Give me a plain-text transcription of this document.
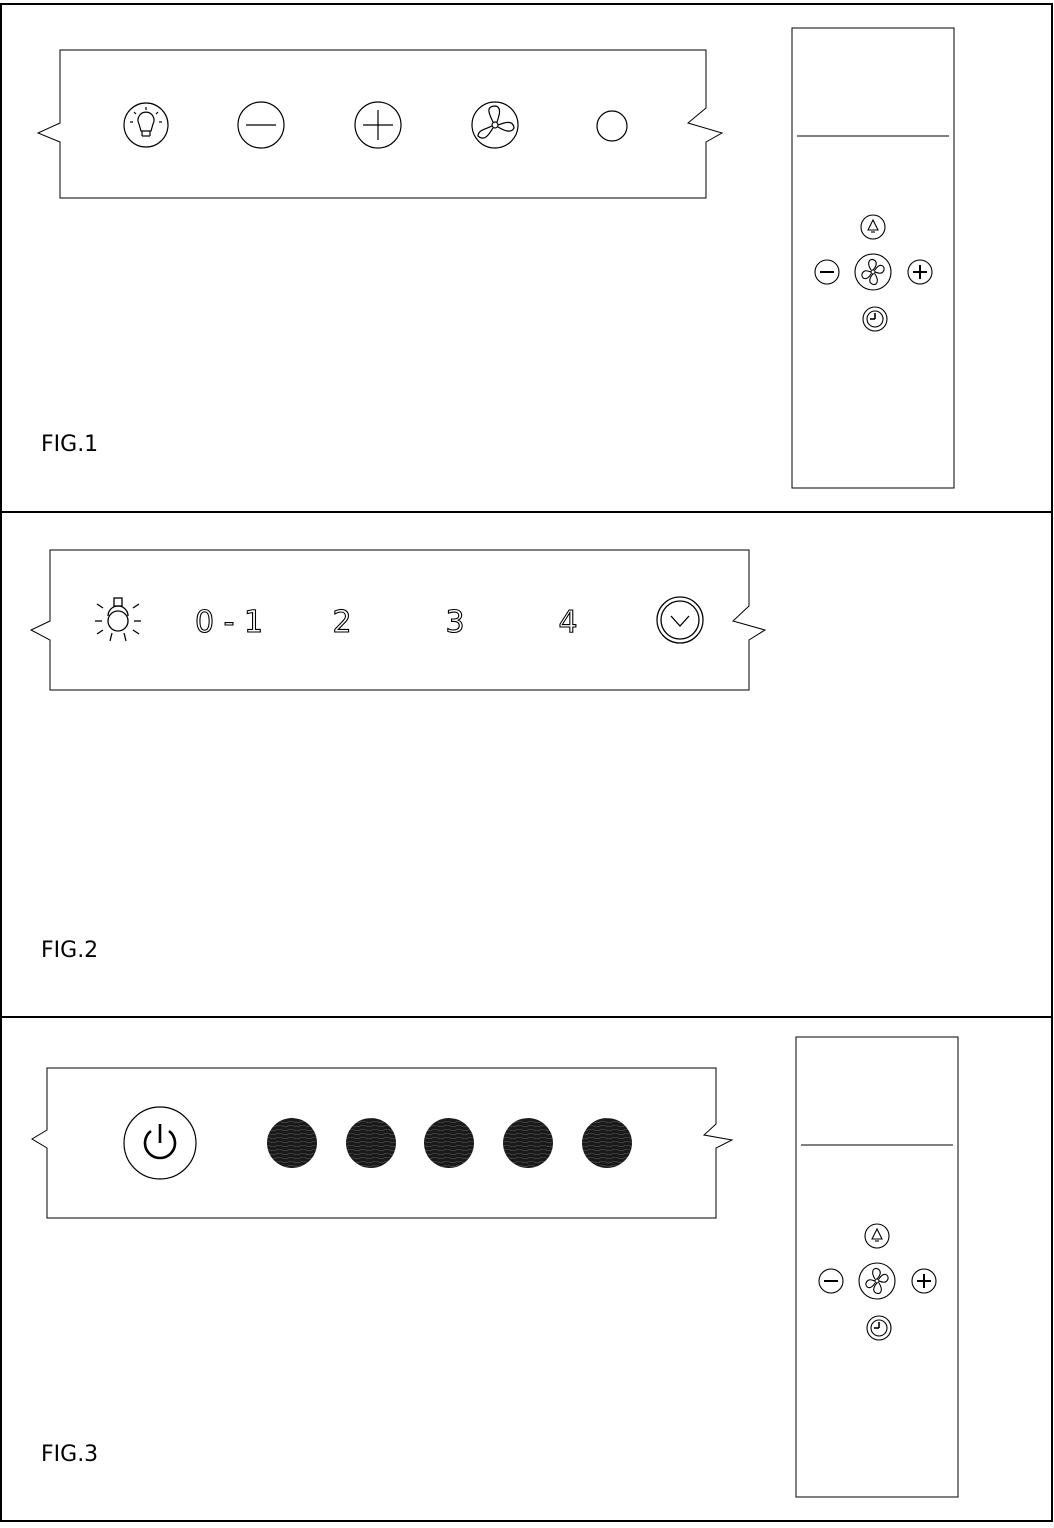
0 - 1 2	3	4
FIG.1
FIG.2
FIG.3
